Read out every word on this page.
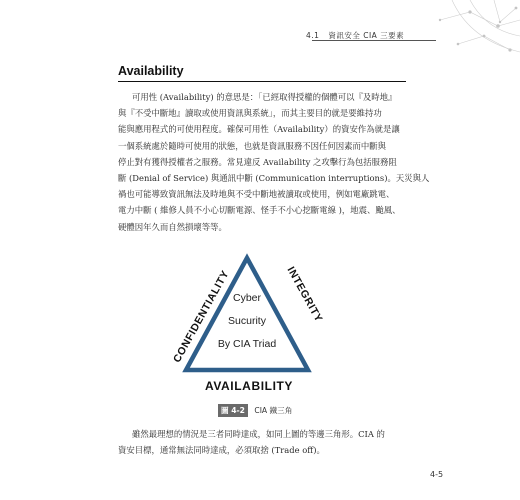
4.1 資訊安全 CIA 三要素
Availability
可用性 (Availability) 的意思是：「已經取得授權的個體可以『及時地』
與『不受中斷地』讀取或使用資訊與系統」，而其主要目的就是要維持功
能與應用程式的可使用程度。確保可用性（Availability）的資安作為就是讓
一個系統處於隨時可使用的狀態，也就是資訊服務不因任何因素而中斷與
停止對有獲得授權者之服務。常見違反 Availability 之攻擊行為包括服務阻
斷 (Denial of Service) 與通訊中斷 (Communication interruptions)。天災與人
禍也可能導致資訊無法及時地與不受中斷地被讀取或使用，例如電廠跳電、
電力中斷 ( 維修人員不小心切斷電源、怪手不小心挖斷電線 )，地震、颱風、
硬體因年久而自然損壞等等。
CONFIDENTIALITY	INTEGRITY
AVAILABILITY
Cyber
Sucurity
By CIA Triad
圖 4-2 CIA 鐵三角
雖然最理想的情況是三者同時達成，如同上圖的等邊三角形。CIA 的
資安目標，通常無法同時達成，必須取捨 (Trade off)。
4-5
